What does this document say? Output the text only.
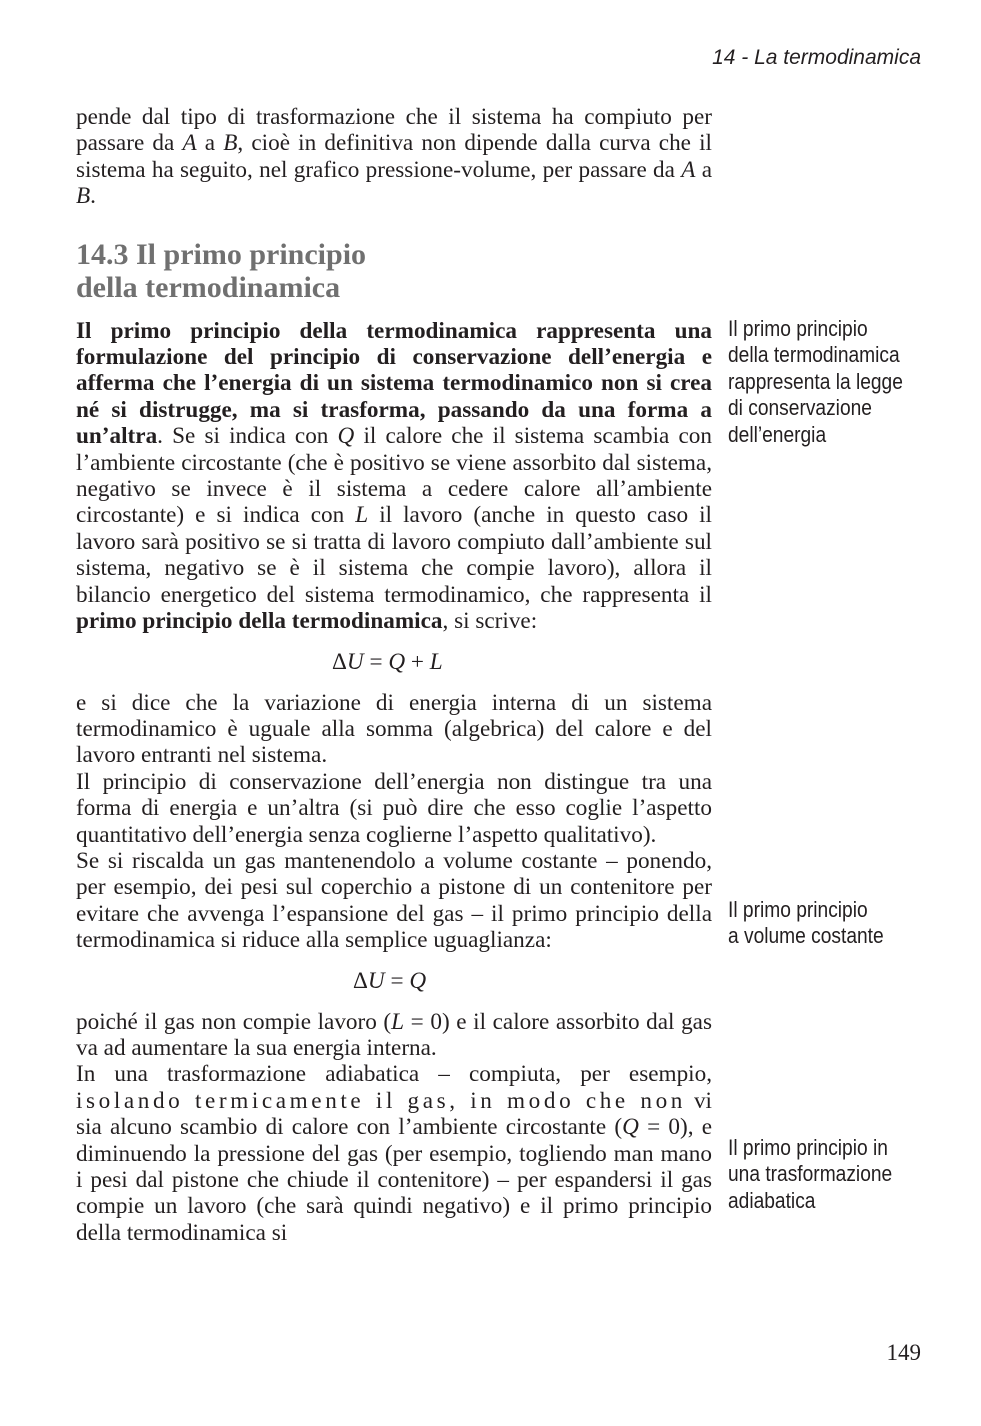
14 - La termodinamica

pende dal tipo di trasformazione che il sistema ha compiuto per passare da A a B, cioè in definitiva non dipende dalla curva che il sistema ha seguito, nel grafico pressione-volume, per passare da A a B.

14.3 Il primo principio
della termodinamica

Il primo principio della termodinamica rappresenta una formulazione del principio di conservazione dell’energia e afferma che l’energia di un sistema termodinamico non si crea né si distrugge, ma si trasforma, passando da una forma a un’altra. Se si indica con Q il calore che il sistema scambia con l’ambiente circostante (che è positivo se viene assorbito dal sistema, negativo se invece è il sistema a cedere calore all’ambiente circostante) e si indica con L il lavoro (anche in questo caso il lavoro sarà positivo se si tratta di lavoro compiuto dall’ambiente sul sistema, negativo se è il sistema che compie lavoro), allora il bilancio energetico del sistema termodinamico, che rappresenta il primo principio della termodinamica, si scrive:

ΔU = Q + L

e si dice che la variazione di energia interna di un sistema termodinamico è uguale alla somma (algebrica) del calore e del lavoro entranti nel sistema.

Il principio di conservazione dell’energia non distingue tra una forma di energia e un’altra (si può dire che esso coglie l’aspetto quantitativo dell’energia senza coglierne l’aspetto qualitativo).

Se si riscalda un gas mantenendolo a volume costante – ponendo, per esempio, dei pesi sul coperchio a pistone di un contenitore per evitare che avvenga l’espansione del gas – il primo principio della termodinamica si riduce alla semplice uguaglianza:

ΔU = Q

poiché il gas non compie lavoro (L = 0) e il calore assorbito dal gas va ad aumentare la sua energia interna.

In una trasformazione adiabatica – compiuta, per esempio, isolando termicamente il gas, in modo che non vi sia alcuno scambio di calore con l’ambiente circostante (Q = 0), e diminuendo la pressione del gas (per esempio, togliendo man mano i pesi dal pistone che chiude il contenitore) – per espandersi il gas compie un lavoro (che sarà quindi negativo) e il primo principio della termodinamica si

Il primo principio
della termodinamica
rappresenta la legge
di conservazione
dell’energia
Il primo principio
a volume costante
Il primo principio in
una trasformazione
adiabatica
149
